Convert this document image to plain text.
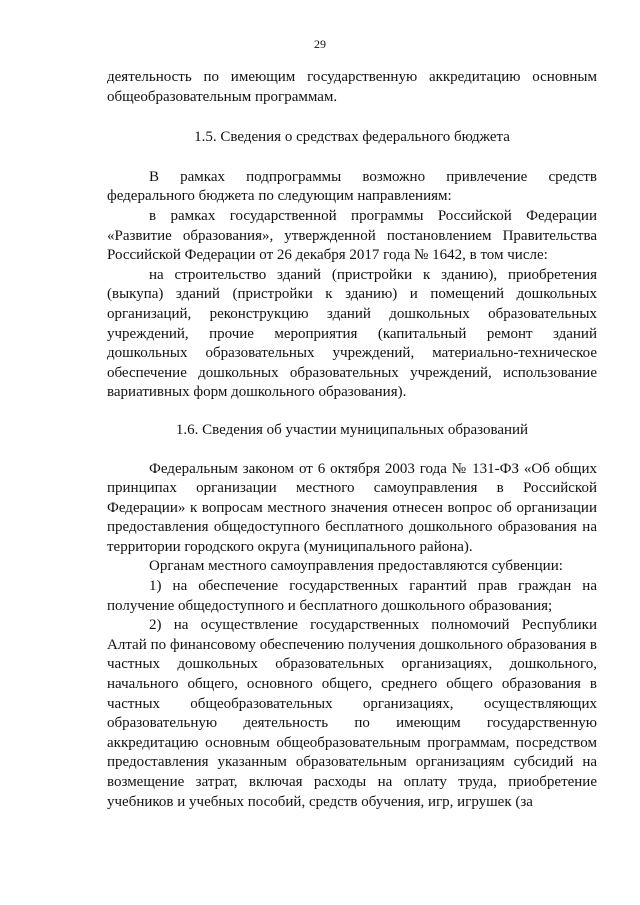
29

деятельность по имеющим государственную аккредитацию основным общеобразовательным программам.

1.5. Сведения о средствах федерального бюджета

В рамках подпрограммы возможно привлечение средств федерального бюджета по следующим направлениям:

в рамках государственной программы Российской Федерации «Развитие образования», утвержденной постановлением Правительства Российской Федерации от 26 декабря 2017 года № 1642, в том числе:

на строительство зданий (пристройки к зданию), приобретения (выкупа) зданий (пристройки к зданию) и помещений дошкольных организаций, реконструкцию зданий дошкольных образовательных учреждений, прочие мероприятия (капитальный ремонт зданий дошкольных образовательных учреждений, материально-техническое обеспечение дошкольных образовательных учреждений, использование вариативных форм дошкольного образования).

1.6. Сведения об участии муниципальных образований

Федеральным законом от 6 октября 2003 года № 131-ФЗ «Об общих принципах организации местного самоуправления в Российской Федерации» к вопросам местного значения отнесен вопрос об организации предоставления общедоступного бесплатного дошкольного образования на территории городского округа (муниципального района).

Органам местного самоуправления предоставляются субвенции:

1) на обеспечение государственных гарантий прав граждан на получение общедоступного и бесплатного дошкольного образования;

2) на осуществление государственных полномочий Республики Алтай по финансовому обеспечению получения дошкольного образования в частных дошкольных образовательных организациях, дошкольного, начального общего, основного общего, среднего общего образования в частных общеобразовательных организациях, осуществляющих образовательную деятельность по имеющим государственную аккредитацию основным общеобразовательным программам, посредством предоставления указанным образовательным организациям субсидий на возмещение затрат, включая расходы на оплату труда, приобретение учебников и учебных пособий, средств обучения, игр, игрушек (за
